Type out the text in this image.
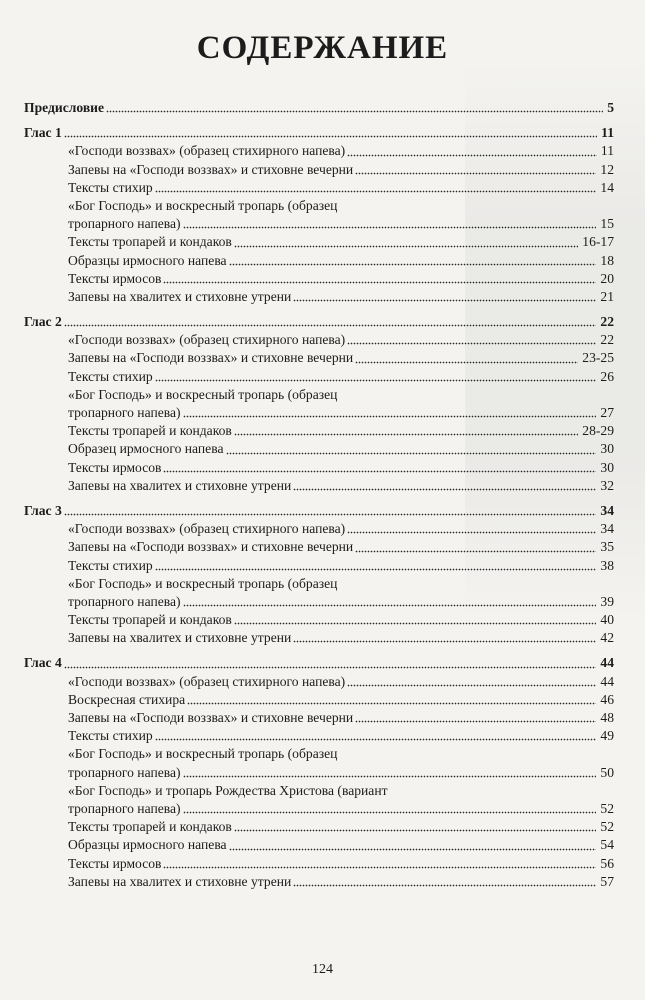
СОДЕРЖАНИЕ
Предисловие	5
Глас 1	11
«Господи воззвах» (образец стихирного напева)	11
Запевы на «Господи воззвах» и стиховне вечерни	12
Тексты стихир	14
«Бог Господь» и воскресный тропарь (образец
тропарного напева)	15
Тексты тропарей и кондаков	16-17
Образцы ирмосного напева	18
Тексты ирмосов	20
Запевы на хвалитех и стиховне утрени	21
Глас 2	22
«Господи воззвах» (образец стихирного напева)	22
Запевы на «Господи воззвах» и стиховне вечерни	23-25
Тексты стихир	26
«Бог Господь» и воскресный тропарь (образец
тропарного напева)	27
Тексты тропарей и кондаков	28-29
Образец ирмосного напева	30
Тексты ирмосов	30
Запевы на хвалитех и стиховне утрени	32
Глас 3	34
«Господи воззвах» (образец стихирного напева)	34
Запевы на «Господи воззвах» и стиховне вечерни	35
Тексты стихир	38
«Бог Господь» и воскресный тропарь (образец
тропарного напева)	39
Тексты тропарей и кондаков	40
Запевы на хвалитех и стиховне утрени	42
Глас 4	44
«Господи воззвах» (образец стихирного напева)	44
Воскресная стихира	46
Запевы на «Господи воззвах» и стиховне вечерни	48
Тексты стихир	49
«Бог Господь» и воскресный тропарь (образец
тропарного напева)	50
«Бог Господь» и тропарь Рождества Христова (вариант
тропарного напева)	52
Тексты тропарей и кондаков	52
Образцы ирмосного напева	54
Тексты ирмосов	56
Запевы на хвалитех и стиховне утрени	57
124
